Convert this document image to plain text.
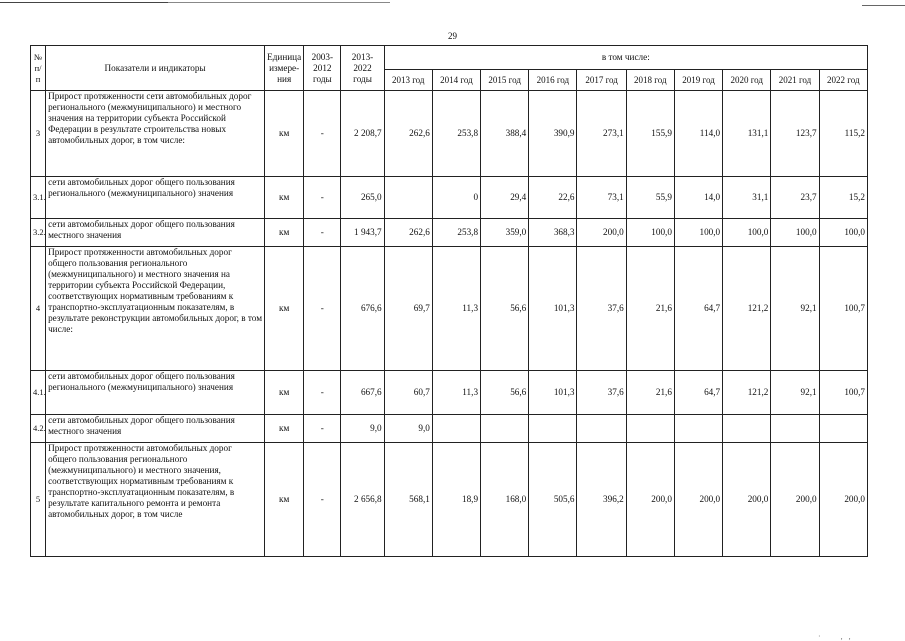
29
№ п/п	Показатели и индикаторы	Единица измере-ния	2003-2012 годы	2013-2022 годы	в том числе:									
					2013 год	2014 год	2015 год	2016 год	2017 год	2018 год	2019 год	2020 год	2021 год	2022 год
3	Прирост протяженности сети автомобильных дорог регионального (межмуниципального) и местного значения на территории субъекта Российской Федерации в результате строительства новых автомобильных дорог, в том числе:	км	-	2 208,7	262,6	253,8	388,4	390,9	273,1	155,9	114,0	131,1	123,7	115,2
3.1.	сети автомобильных дорог общего пользования регионального (межмуниципального) значения	км	-	265,0		0	29,4	22,6	73,1	55,9	14,0	31,1	23,7	15,2
3.2.	сети автомобильных дорог общего пользования местного значения	км	-	1 943,7	262,6	253,8	359,0	368,3	200,0	100,0	100,0	100,0	100,0	100,0
4	Прирост протяженности автомобильных дорог общего пользования регионального (межмуниципального) и местного значения на территории субъекта Российской Федерации, соответствующих нормативным требованиям к транспортно-эксплуатационным показателям, в результате реконструкции автомобильных дорог, в том числе:	км	-	676,6	69,7	11,3	56,6	101,3	37,6	21,6	64,7	121,2	92,1	100,7
4.1.	сети автомобильных дорог общего пользования регионального (межмуниципального) значения	км	-	667,6	60,7	11,3	56,6	101,3	37,6	21,6	64,7	121,2	92,1	100,7
4.2.	сети автомобильных дорог общего пользования местного значения	км	-	9,0	9,0									
5	Прирост протяженности автомобильных дорог общего пользования регионального (межмуниципального) и местного значения, соответствующих нормативным требованиям к транспортно-эксплуатационным показателям, в результате капитального ремонта и ремонта автомобильных дорог, в том числе	км	-	2 656,8	568,1	18,9	168,0	505,6	396,2	200,0	200,0	200,0	200,0	200,0
·          ,   ,
